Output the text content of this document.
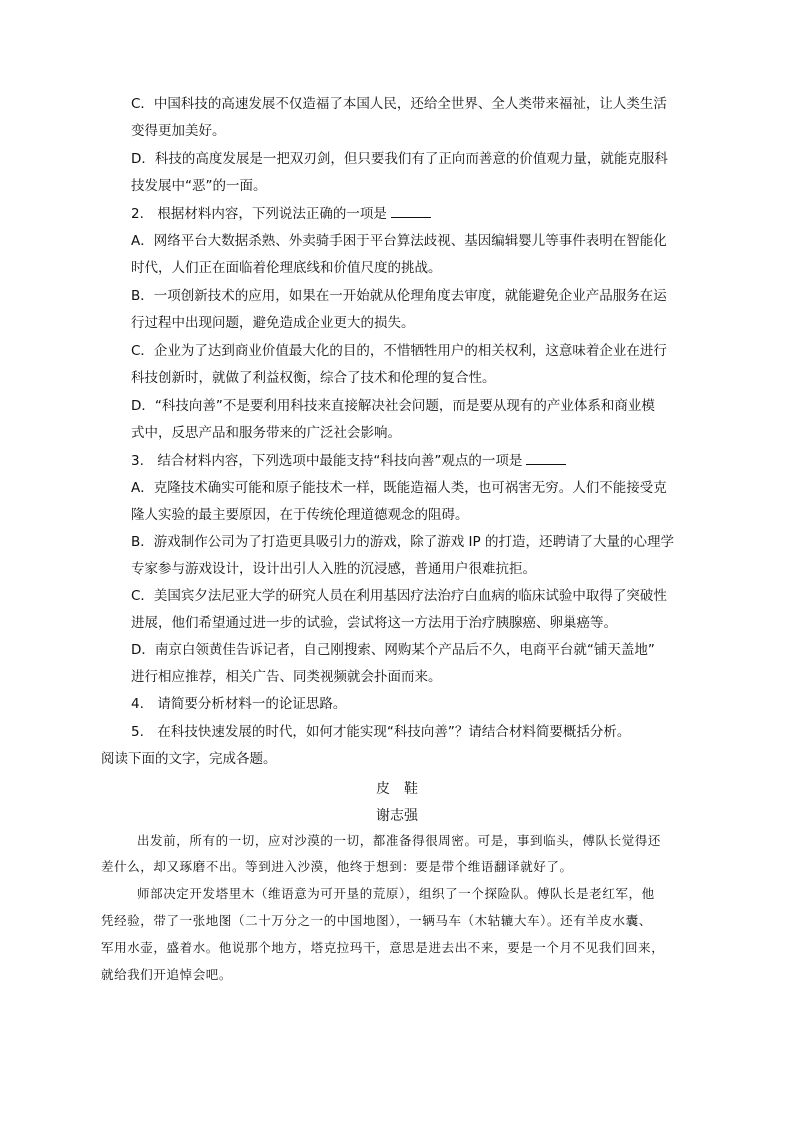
C．中国科技的高速发展不仅造福了本国人民，还给全世界、全人类带来福祉，让人类生活
变得更加美好。
D．科技的高度发展是一把双刃剑，但只要我们有了正向而善意的价值观力量，就能克服科
技发展中“恶”的一面。
2.　根据材料内容，下列说法正确的一项是
A．网络平台大数据杀熟、外卖骑手困于平台算法歧视、基因编辑婴儿等事件表明在智能化
时代，人们正在面临着伦理底线和价值尺度的挑战。
B．一项创新技术的应用，如果在一开始就从伦理角度去审度，就能避免企业产品服务在运
行过程中出现问题，避免造成企业更大的损失。
C．企业为了达到商业价值最大化的目的，不惜牺牲用户的相关权利，这意味着企业在进行
科技创新时，就做了利益权衡，综合了技术和伦理的复合性。
D．“科技向善”不是要利用科技来直接解决社会问题，而是要从现有的产业体系和商业模
式中，反思产品和服务带来的广泛社会影响。
3.　结合材料内容，下列选项中最能支持“科技向善”观点的一项是
A．克隆技术确实可能和原子能技术一样，既能造福人类，也可祸害无穷。人们不能接受克
隆人实验的最主要原因，在于传统伦理道德观念的阻碍。
B．游戏制作公司为了打造更具吸引力的游戏，除了游戏 IP 的打造，还聘请了大量的心理学
专家参与游戏设计，设计出引人入胜的沉浸感，普通用户很难抗拒。
C．美国宾夕法尼亚大学的研究人员在利用基因疗法治疗白血病的临床试验中取得了突破性
进展，他们希望通过进一步的试验，尝试将这一方法用于治疗胰腺癌、卵巢癌等。
D．南京白领黄佳告诉记者，自己刚搜索、网购某个产品后不久，电商平台就“铺天盖地”
进行相应推荐，相关广告、同类视频就会扑面而来。
4.　请简要分析材料一的论证思路。
5.　在科技快速发展的时代，如何才能实现“科技向善”？请结合材料简要概括分析。
阅读下面的文字，完成各题。
皮　鞋
谢志强
出发前，所有的一切，应对沙漠的一切，都准备得很周密。可是，事到临头，傅队长觉得还
差什么，却又琢磨不出。等到进入沙漠，他终于想到：要是带个维语翻译就好了。
师部决定开发塔里木（维语意为可开垦的荒原），组织了一个探险队。傅队长是老红军，他
凭经验，带了一张地图（二十万分之一的中国地图），一辆马车（木轱辘大车）。还有羊皮水囊、
军用水壶，盛着水。他说那个地方，塔克拉玛干，意思是进去出不来，要是一个月不见我们回来，
就给我们开追悼会吧。
